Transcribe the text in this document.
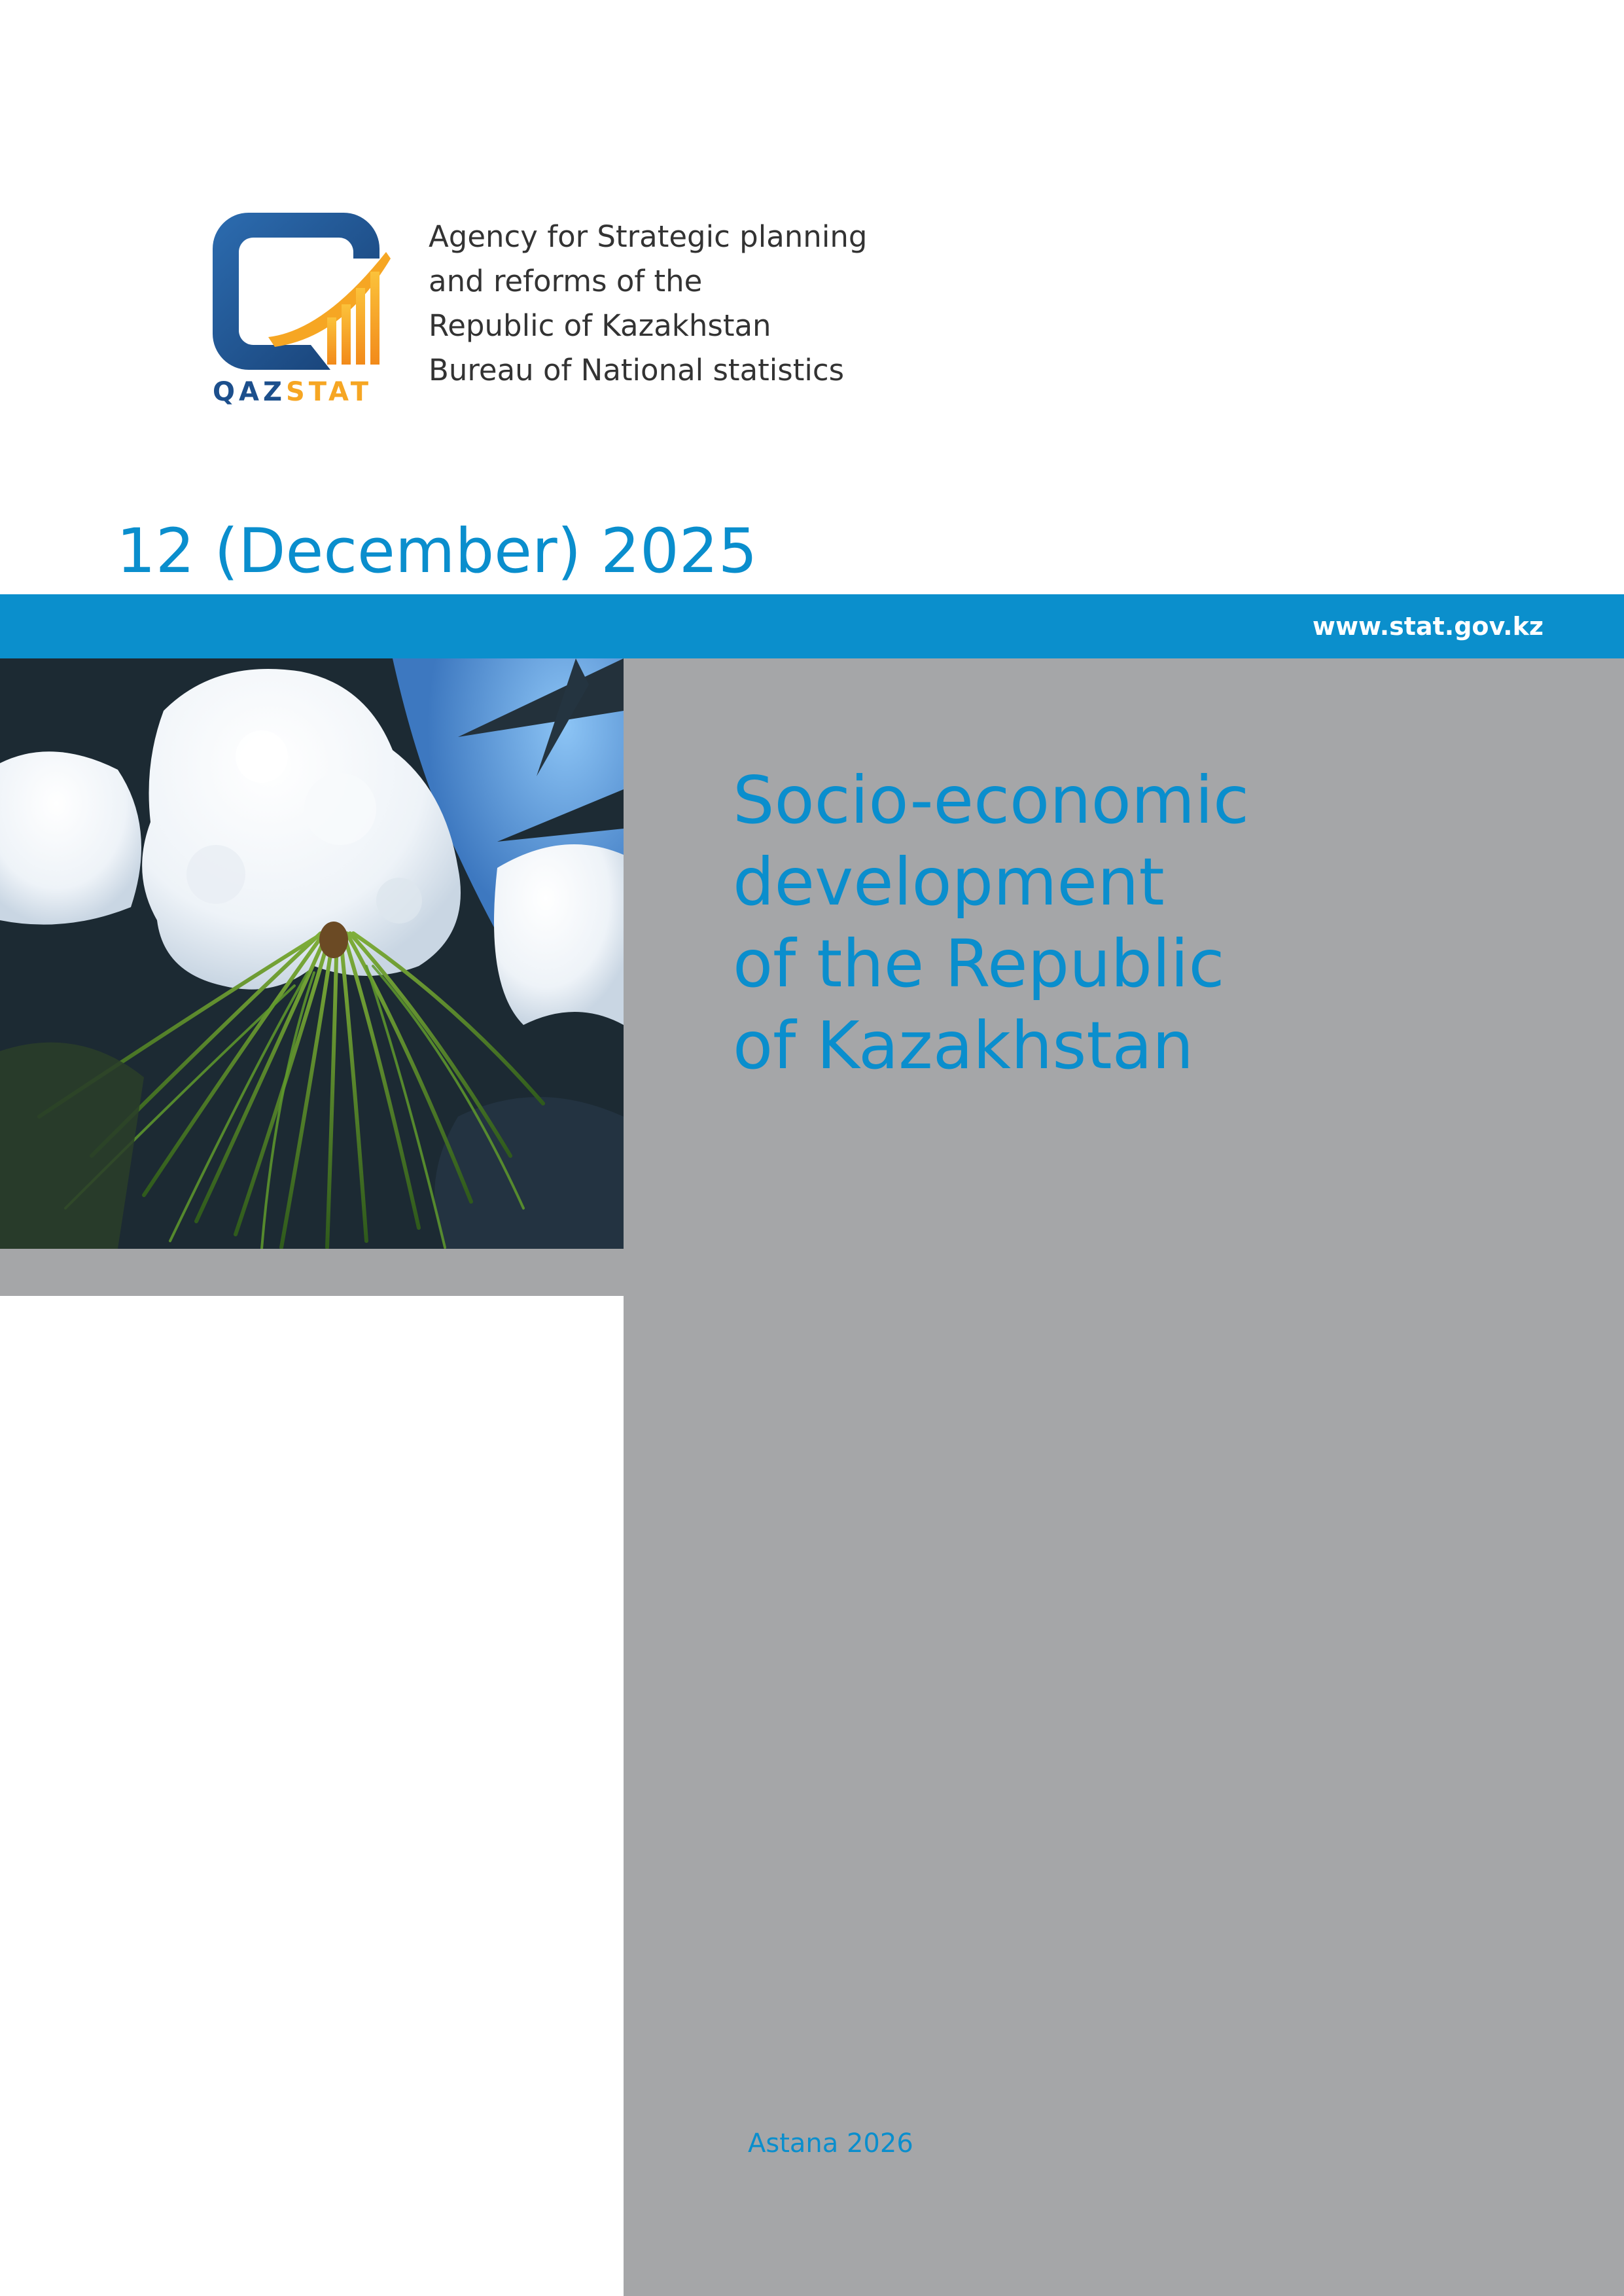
QAZSTAT
Agency for Strategic planning
and reforms of the
Republic of Kazakhstan
Bureau of National statistics
12 (December) 2025
www.stat.gov.kz
Socio-economic
development
of the Republic
of Kazakhstan
Astana 2026
